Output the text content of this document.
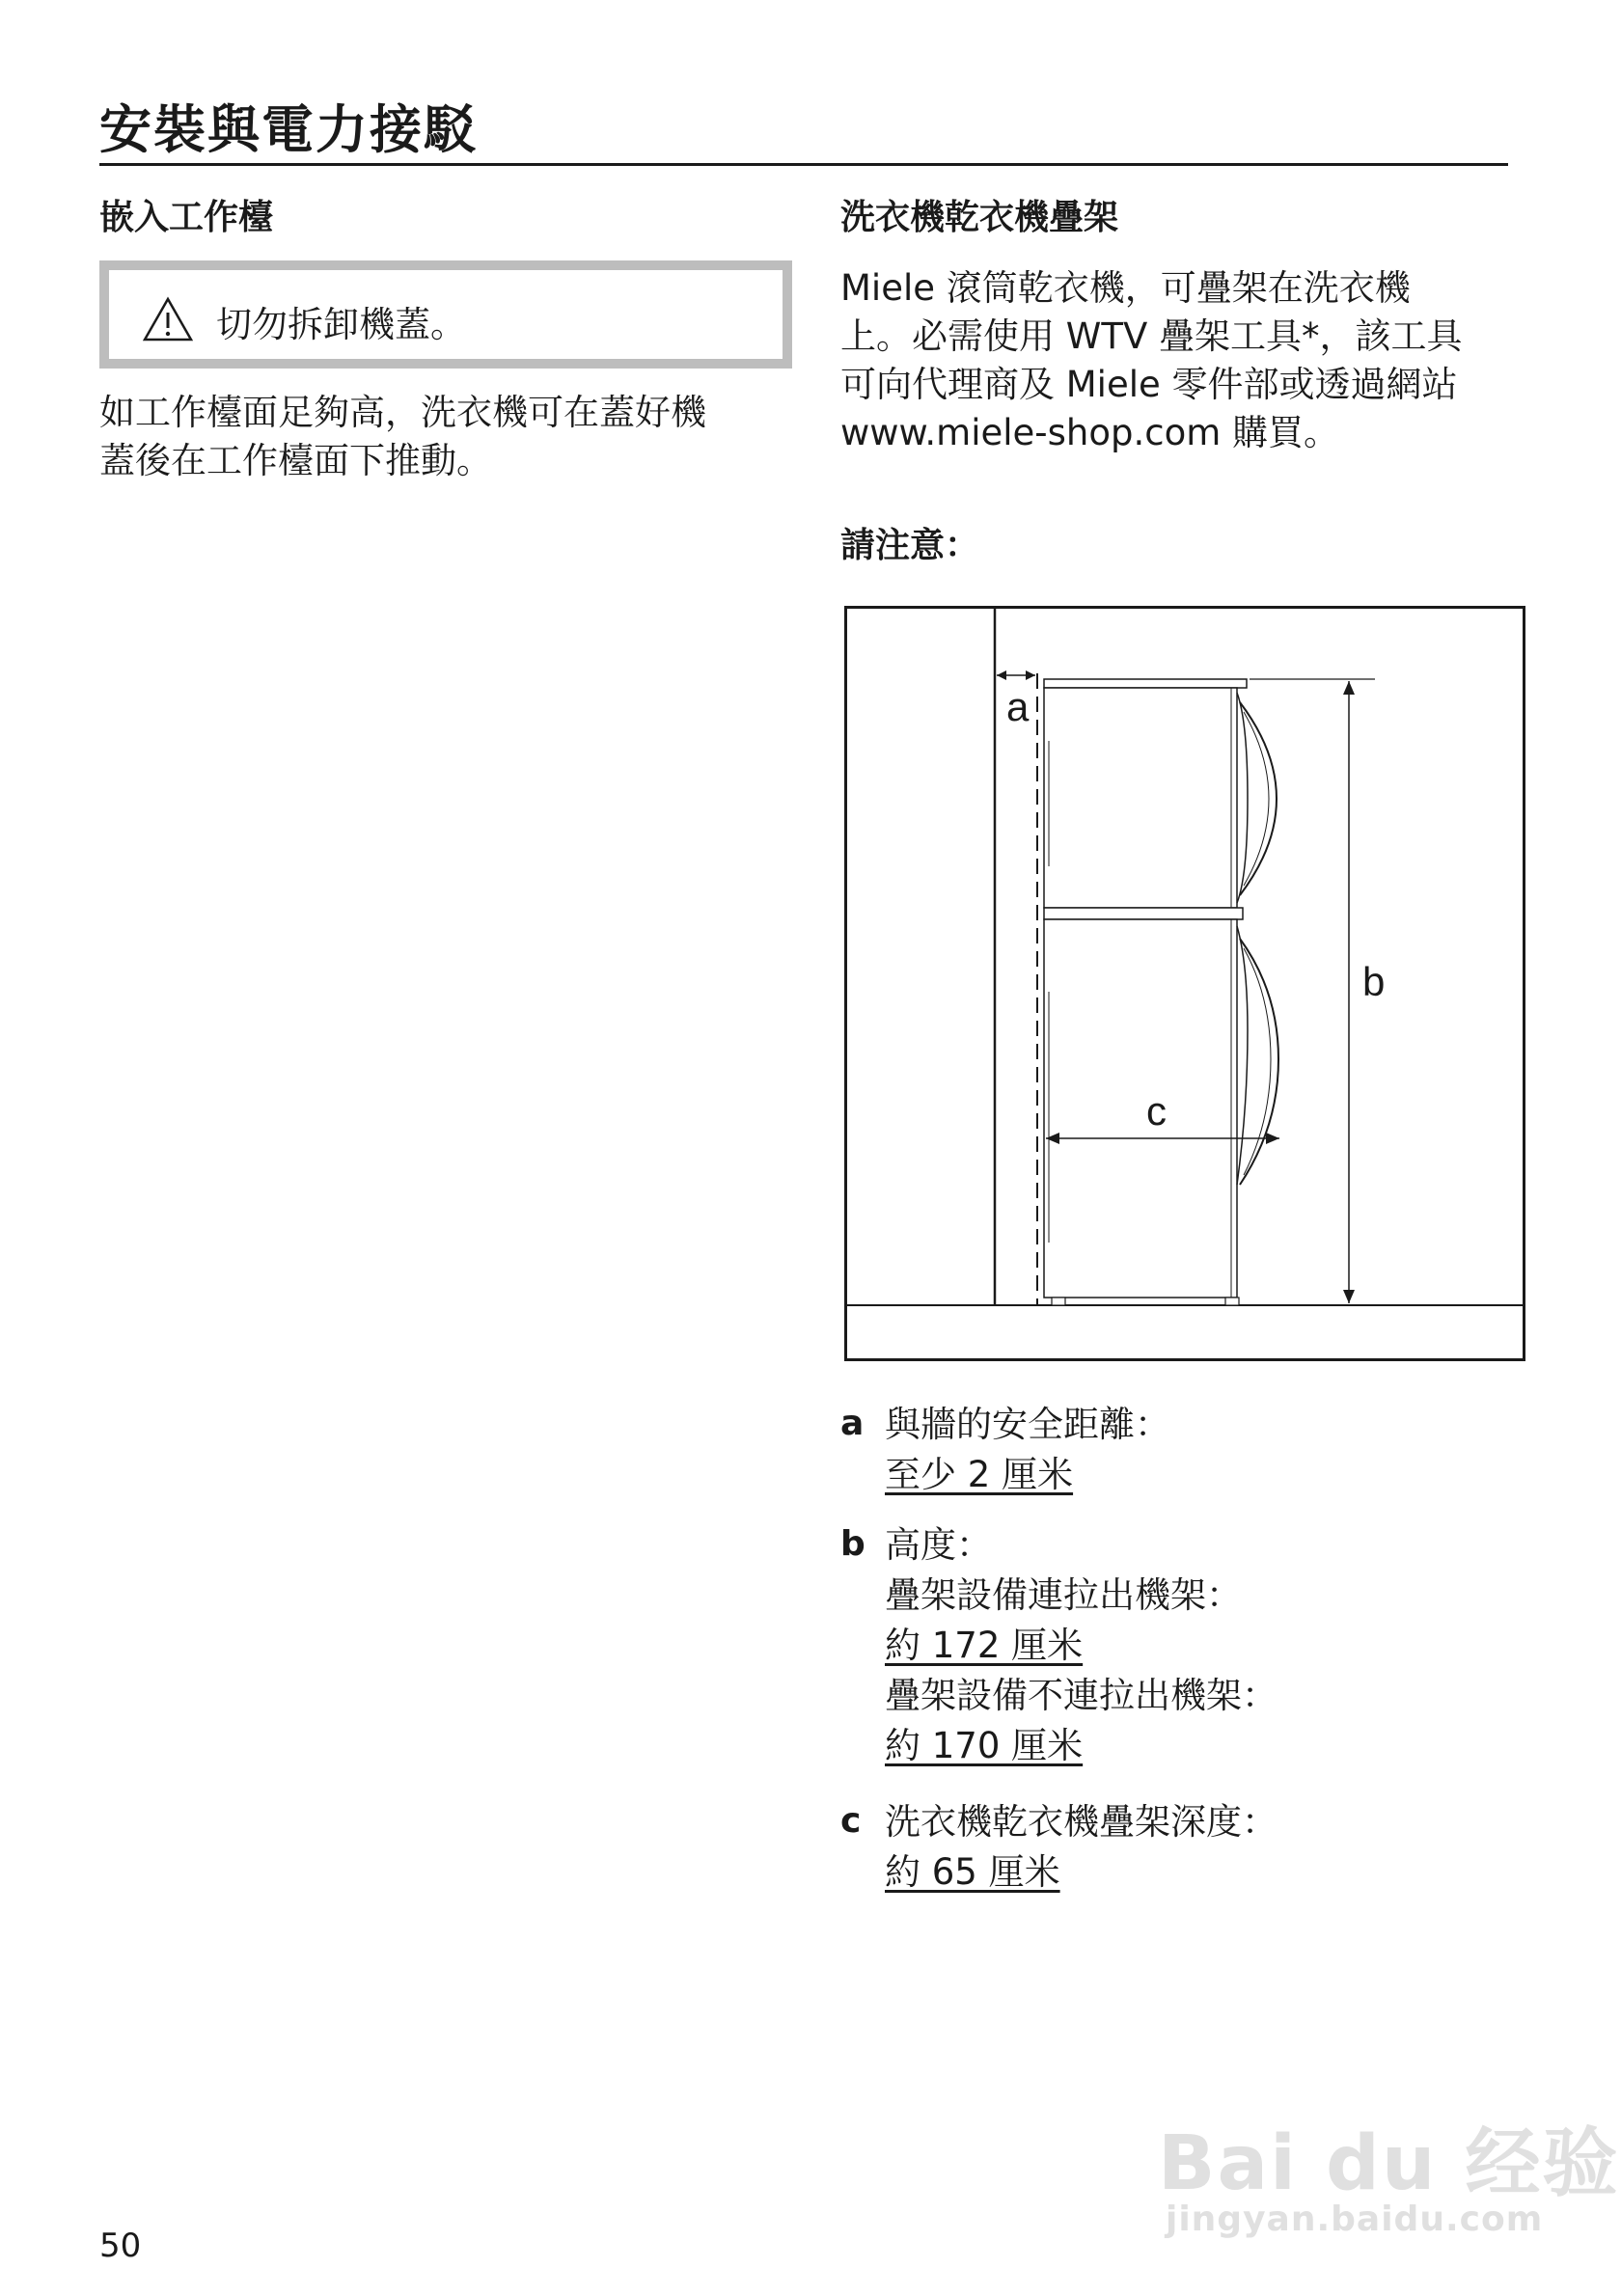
安裝與電力接駁
嵌入工作檯
切勿拆卸機蓋。
如工作檯面足夠高，洗衣機可在蓋好機
蓋後在工作檯面下推動。
洗衣機乾衣機疊架
Miele 滾筒乾衣機，可疊架在洗衣機
上。必需使用 WTV 疊架工具*，該工具
可向代理商及 Miele 零件部或透過網站
www.miele-shop.com 購買。
請注意：
a
b
c
a 與牆的安全距離：
至少 2 厘米
b 高度：
疊架設備連拉出機架：
約 172 厘米
疊架設備不連拉出機架：
約 170 厘米
c 洗衣機乾衣機疊架深度：
約 65 厘米
50
Bai du 经验
jingyan.baidu.com
